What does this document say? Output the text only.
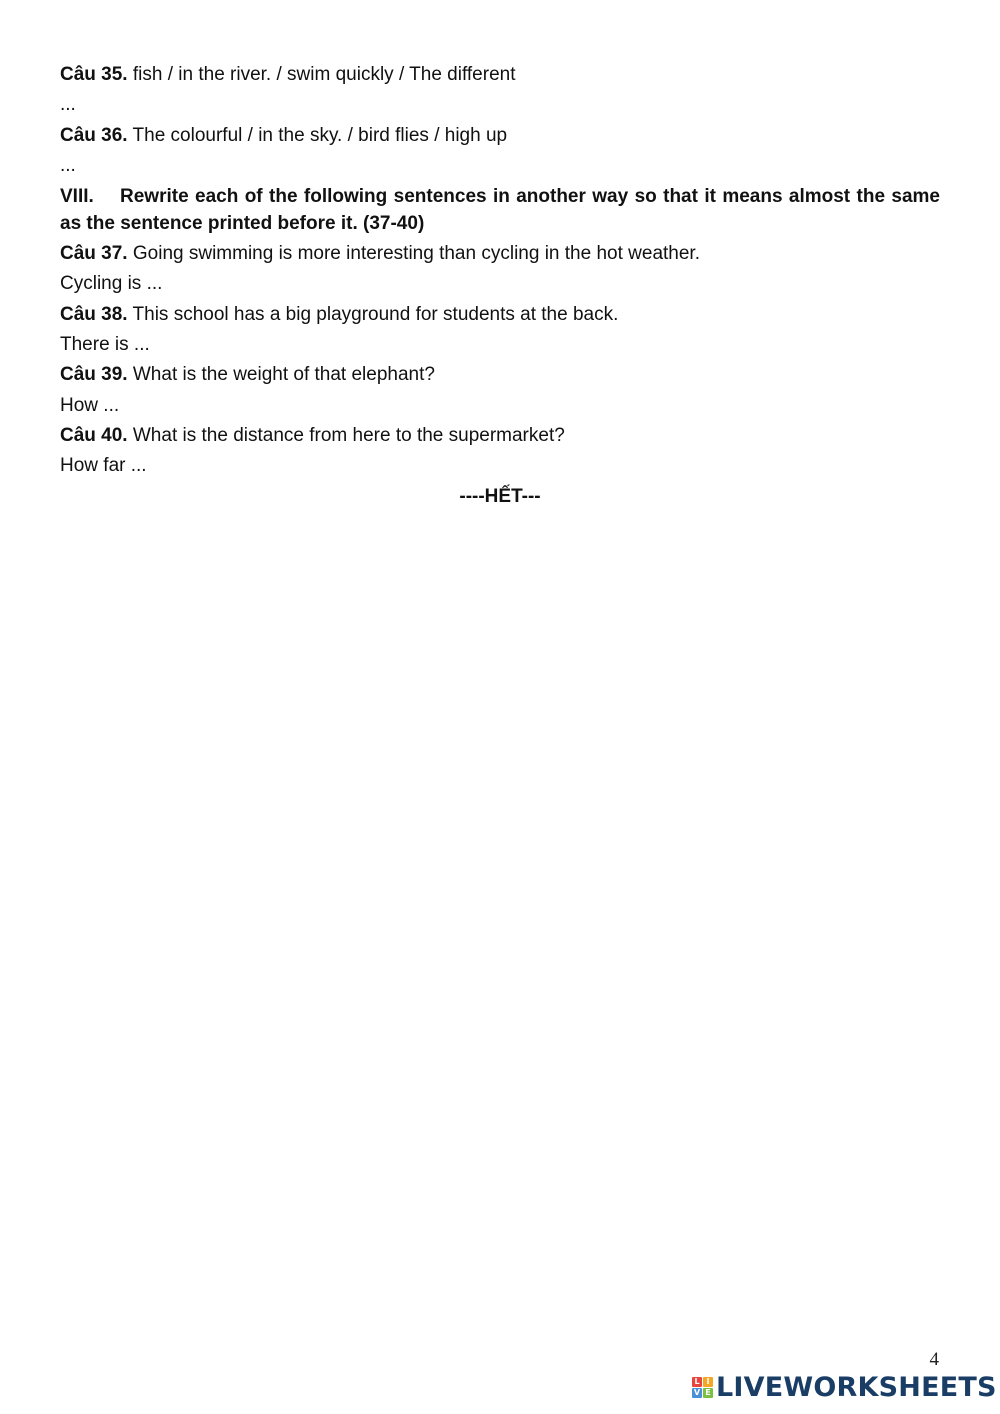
Câu 35. fish / in the river. / swim quickly / The different

...

Câu 36. The colourful / in the sky. / bird flies / high up

...

VIII. Rewrite each of the following sentences in another way so that it means almost the same as the sentence printed before it. (37-40)

Câu 37. Going swimming is more interesting than cycling in the hot weather.

Cycling is ...

Câu 38. This school has a big playground for students at the back.

There is ...

Câu 39. What is the weight of that elephant?

How ...

Câu 40. What is the distance from here to the supermarket?

How far ...

----HẾT---

4
L I
V E LIVEWORKSHEETS
